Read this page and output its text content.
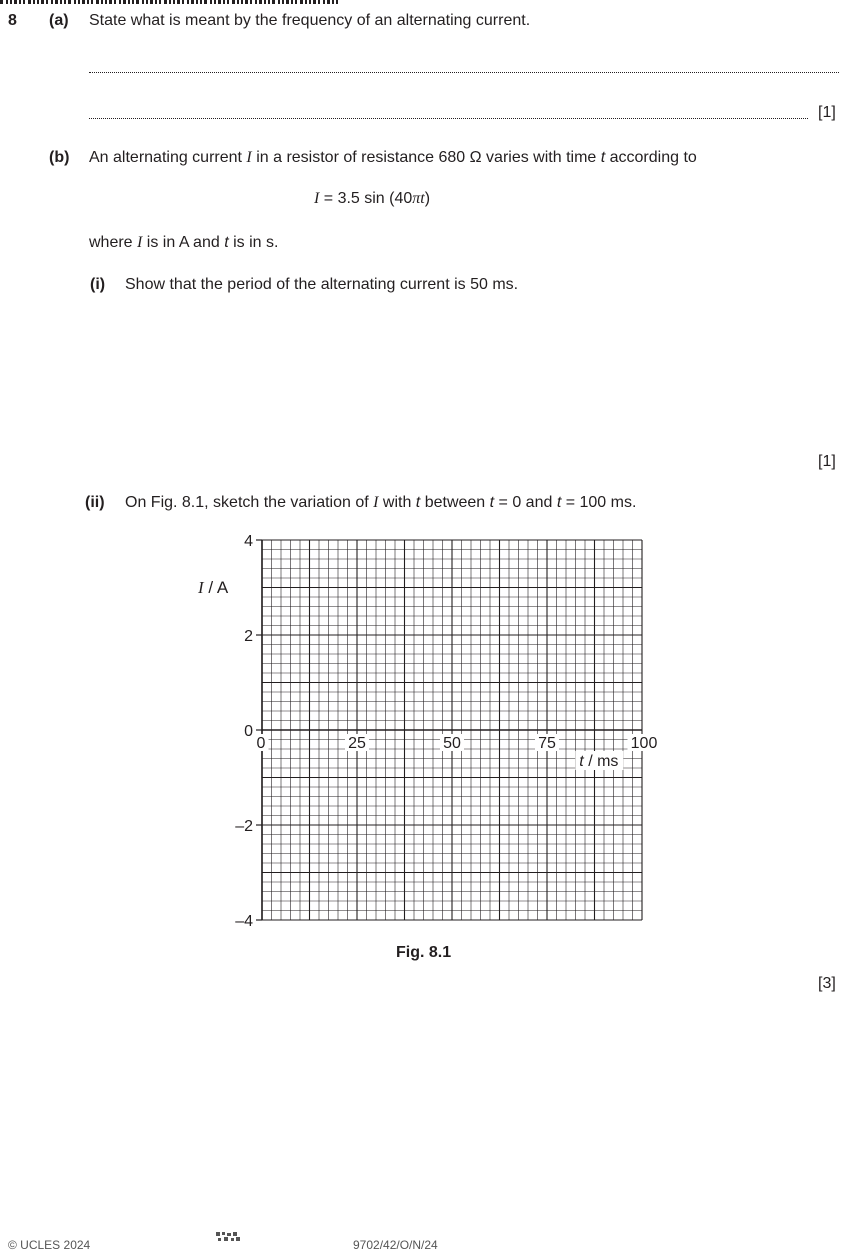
8 (a) State what is meant by the frequency of an alternating current.
[1]
(b) An alternating current I in a resistor of resistance 680 Ω varies with time t according to
I = 3.5 sin (40πt)
where I is in A and t is in s.
(i) Show that the period of the alternating current is 50 ms.
[1]
(ii) On Fig. 8.1, sketch the variation of I with t between t = 0 and t = 100 ms.
–4
–2
0
2
4
0	25	50	75	100
t / ms
I / A
Fig. 8.1
[3]
© UCLES 2024	9702/42/O/N/24
